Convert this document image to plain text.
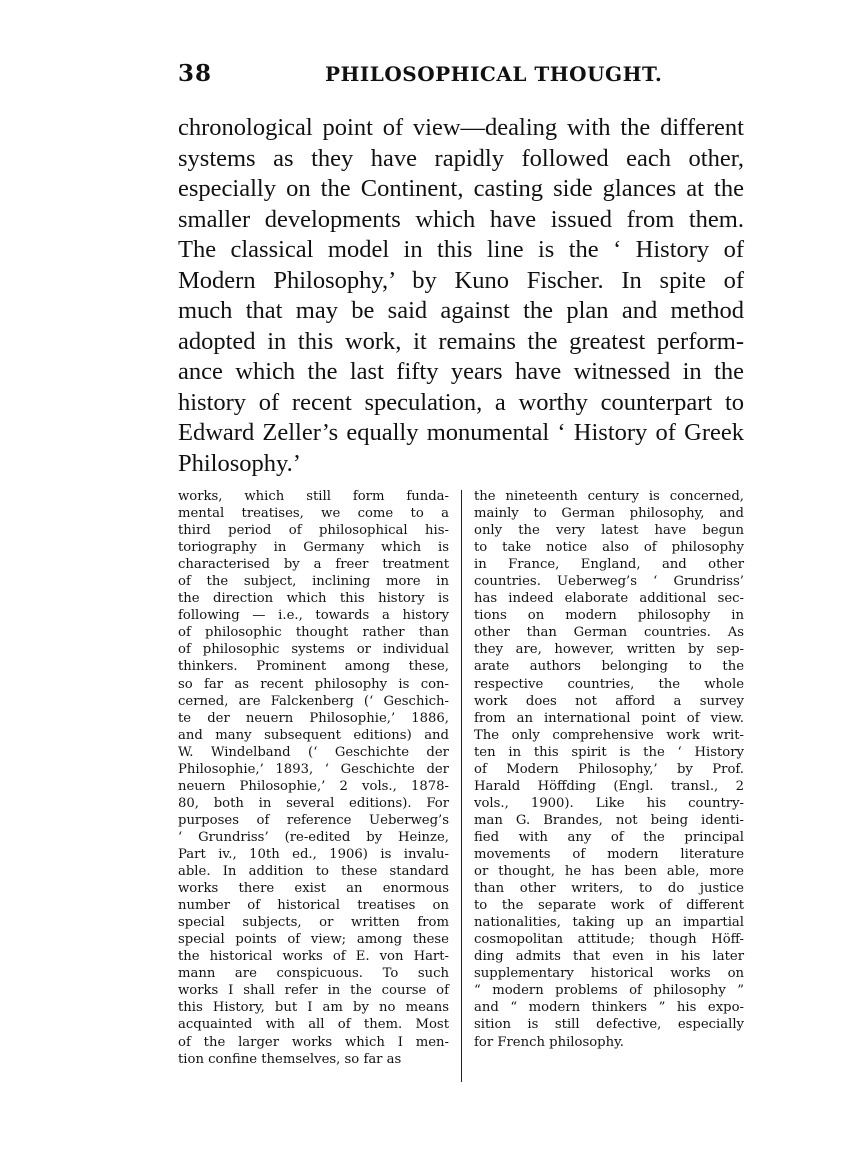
38	PHILOSOPHICAL THOUGHT.
chronological point of view—dealing with the different
systems as they have rapidly followed each other,
especially on the Continent, casting side glances at the
smaller developments which have issued from them.
The classical model in this line is the ‘ History of
Modern Philosophy,’ by Kuno Fischer. In spite of
much that may be said against the plan and method
adopted in this work, it remains the greatest perform-
ance which the last fifty years have witnessed in the
history of recent speculation, a worthy counterpart to
Edward Zeller’s equally monumental ‘ History of Greek
Philosophy.’
works, which still form funda-
mental treatises, we come to a
third period of philosophical his-
toriography in Germany which is
characterised by a freer treatment
of the subject, inclining more in
the direction which this history is
following — i.e., towards a history
of philosophic thought rather than
of philosophic systems or individual
thinkers. Prominent among these,
so far as recent philosophy is con-
cerned, are Falckenberg (‘ Geschich-
te der neuern Philosophie,’ 1886,
and many subsequent editions) and
W. Windelband (‘ Geschichte der
Philosophie,’ 1893, ‘ Geschichte der
neuern Philosophie,’ 2 vols., 1878-
80, both in several editions). For
purposes of reference Ueberweg’s
‘ Grundriss’ (re-edited by Heinze,
Part iv., 10th ed., 1906) is invalu-
able. In addition to these standard
works there exist an enormous
number of historical treatises on
special subjects, or written from
special points of view; among these
the historical works of E. von Hart-
mann are conspicuous. To such
works I shall refer in the course of
this History, but I am by no means
acquainted with all of them. Most
of the larger works which I men-
tion confine themselves, so far as
the nineteenth century is concerned,
mainly to German philosophy, and
only the very latest have begun
to take notice also of philosophy
in France, England, and other
countries. Ueberweg’s ‘ Grundriss’
has indeed elaborate additional sec-
tions on modern philosophy in
other than German countries. As
they are, however, written by sep-
arate authors belonging to the
respective countries, the whole
work does not afford a survey
from an international point of view.
The only comprehensive work writ-
ten in this spirit is the ‘ History
of Modern Philosophy,’ by Prof.
Harald Höffding (Engl. transl., 2
vols., 1900). Like his country-
man G. Brandes, not being identi-
fied with any of the principal
movements of modern literature
or thought, he has been able, more
than other writers, to do justice
to the separate work of different
nationalities, taking up an impartial
cosmopolitan attitude; though Höff-
ding admits that even in his later
supplementary historical works on
“ modern problems of philosophy ”
and “ modern thinkers ” his expo-
sition is still defective, especially
for French philosophy.
